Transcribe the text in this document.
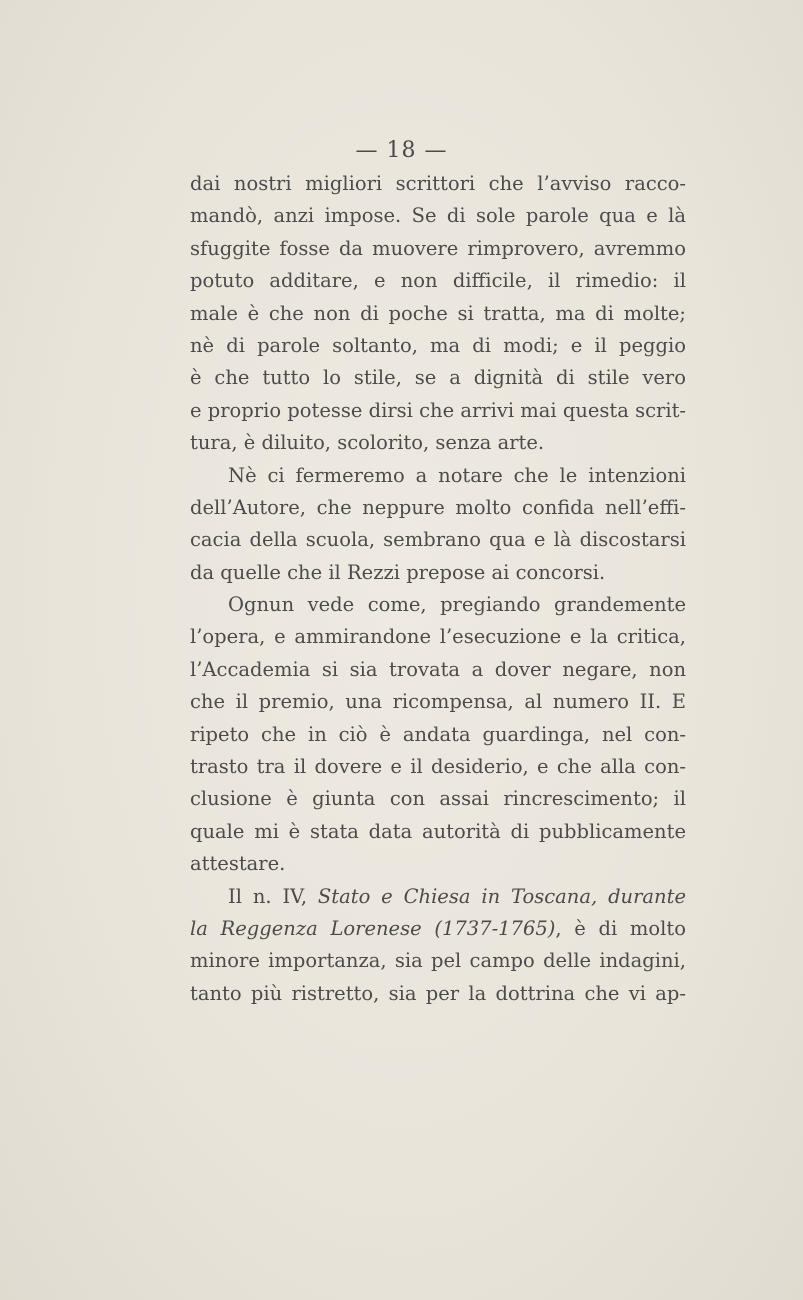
— 18 —
dai nostri migliori scrittori che l’avviso racco-
mandò, anzi impose. Se di sole parole qua e là
sfuggite fosse da muovere rimprovero, avremmo
potuto additare, e non difficile, il rimedio: il
male è che non di poche si tratta, ma di molte;
nè di parole soltanto, ma di modi; e il peggio
è che tutto lo stile, se a dignità di stile vero
e proprio potesse dirsi che arrivi mai questa scrit-
tura, è diluito, scolorito, senza arte.
Nè ci fermeremo a notare che le intenzioni
dell’Autore, che neppure molto confida nell’effi-
cacia della scuola, sembrano qua e là discostarsi
da quelle che il Rezzi prepose ai concorsi.
Ognun vede come, pregiando grandemente
l’opera, e ammirandone l’esecuzione e la critica,
l’Accademia si sia trovata a dover negare, non
che il premio, una ricompensa, al numero II. E
ripeto che in ciò è andata guardinga, nel con-
trasto tra il dovere e il desiderio, e che alla con-
clusione è giunta con assai rincrescimento; il
quale mi è stata data autorità di pubblicamente
attestare.
Il n. IV, Stato e Chiesa in Toscana, durante
la Reggenza Lorenese (1737-1765), è di molto
minore importanza, sia pel campo delle indagini,
tanto più ristretto, sia per la dottrina che vi ap-
